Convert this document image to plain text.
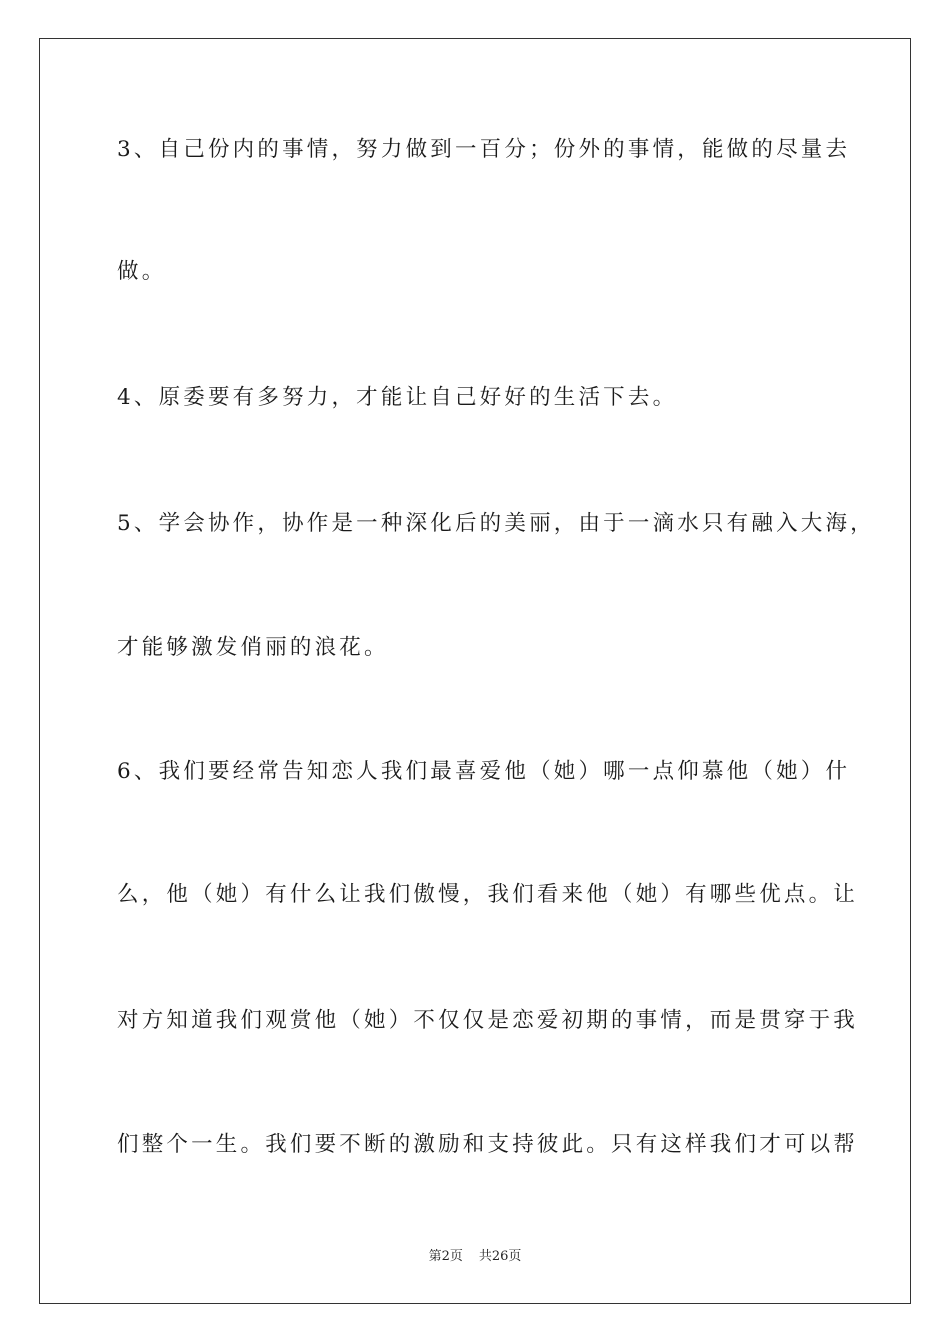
3、自己份内的事情，努力做到一百分；份外的事情，能做的尽量去
做。
4、原委要有多努力，才能让自己好好的生活下去。
5、学会协作，协作是一种深化后的美丽，由于一滴水只有融入大海，
才能够激发俏丽的浪花。
6、我们要经常告知恋人我们最喜爱他（她）哪一点仰慕他（她）什
么，他（她）有什么让我们傲慢，我们看来他（她）有哪些优点。让
对方知道我们观赏他（她）不仅仅是恋爱初期的事情，而是贯穿于我
们整个一生。我们要不断的激励和支持彼此。只有这样我们才可以帮
第2页 共26页
